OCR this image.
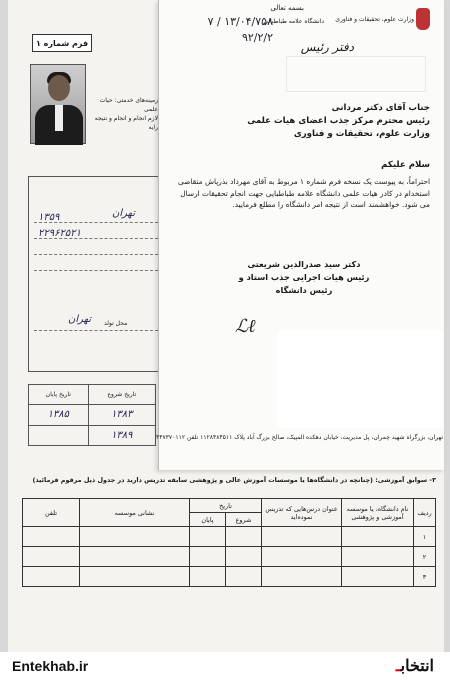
فرم شماره ۱
زمینه‌های خدمتی: حیات علمی
لازم انجام و انجام و نتیجه رایه
۱۳۵۹	تهران
۲۲۹۶۲۵۲۱
محل تولد
تهران
تاریخ پایان	تاریخ شروع
۱۳۸۵	۱۳۸۳
	۱۳۸۹
بسمه تعالی
وزارت علوم، تحقیقات و فناوری
دانشگاه علامه طباطبائی
دفتر رئیس
۱۳/۰۴/۷۵۸ / ۷
۹۲/۲/۲
جناب آقای دکتر مردانی
رئیس محترم مرکز جذب اعضای هیات علمی
وزارت علوم، تحقیقات و فناوری
سلام علیکم
احتراماً، به پیوست یک نسخه فرم شماره ۱ مربوط به آقای مهرداد بذرپاش متقاضی استخدام در کادر هیات علمی دانشگاه علامه طباطبایی جهت انجام تحقیقات ارسال می شود. خواهشمند است از نتیجه امر دانشگاه را مطلع فرمایید.
دکتر سید صدرالدین شریعتی
رئیس هیات اجرایی جذب استاد و
رئیس دانشگاه
ℒℓ
تهران، بزرگراه شهید چمران، پل مدیریت، خیابان دهکده المپیک، صالح بزرگ آباد پلاک ۱۱۲۸۴۸۴۵۱۱ تلفن ۴۴۷۳۷۰۱۱۲
۳- سوابق آموزشی: (چنانچه در دانشگاه‌ها یا موسسات آموزش عالی و پژوهشی سابقه تدریس دارید در جدول ذیل مرقوم فرمائید)
ردیف	نام دانشگاه، یا موسسه آموزشی و پژوهشی	عنوان درس‌هایی که تدریس نموده‌اید	تاریخ		نشانی موسسه	تلفن
			شروع	پایان		
۱						
۲						
۳						
Entekhab.ir	انتخابـ
